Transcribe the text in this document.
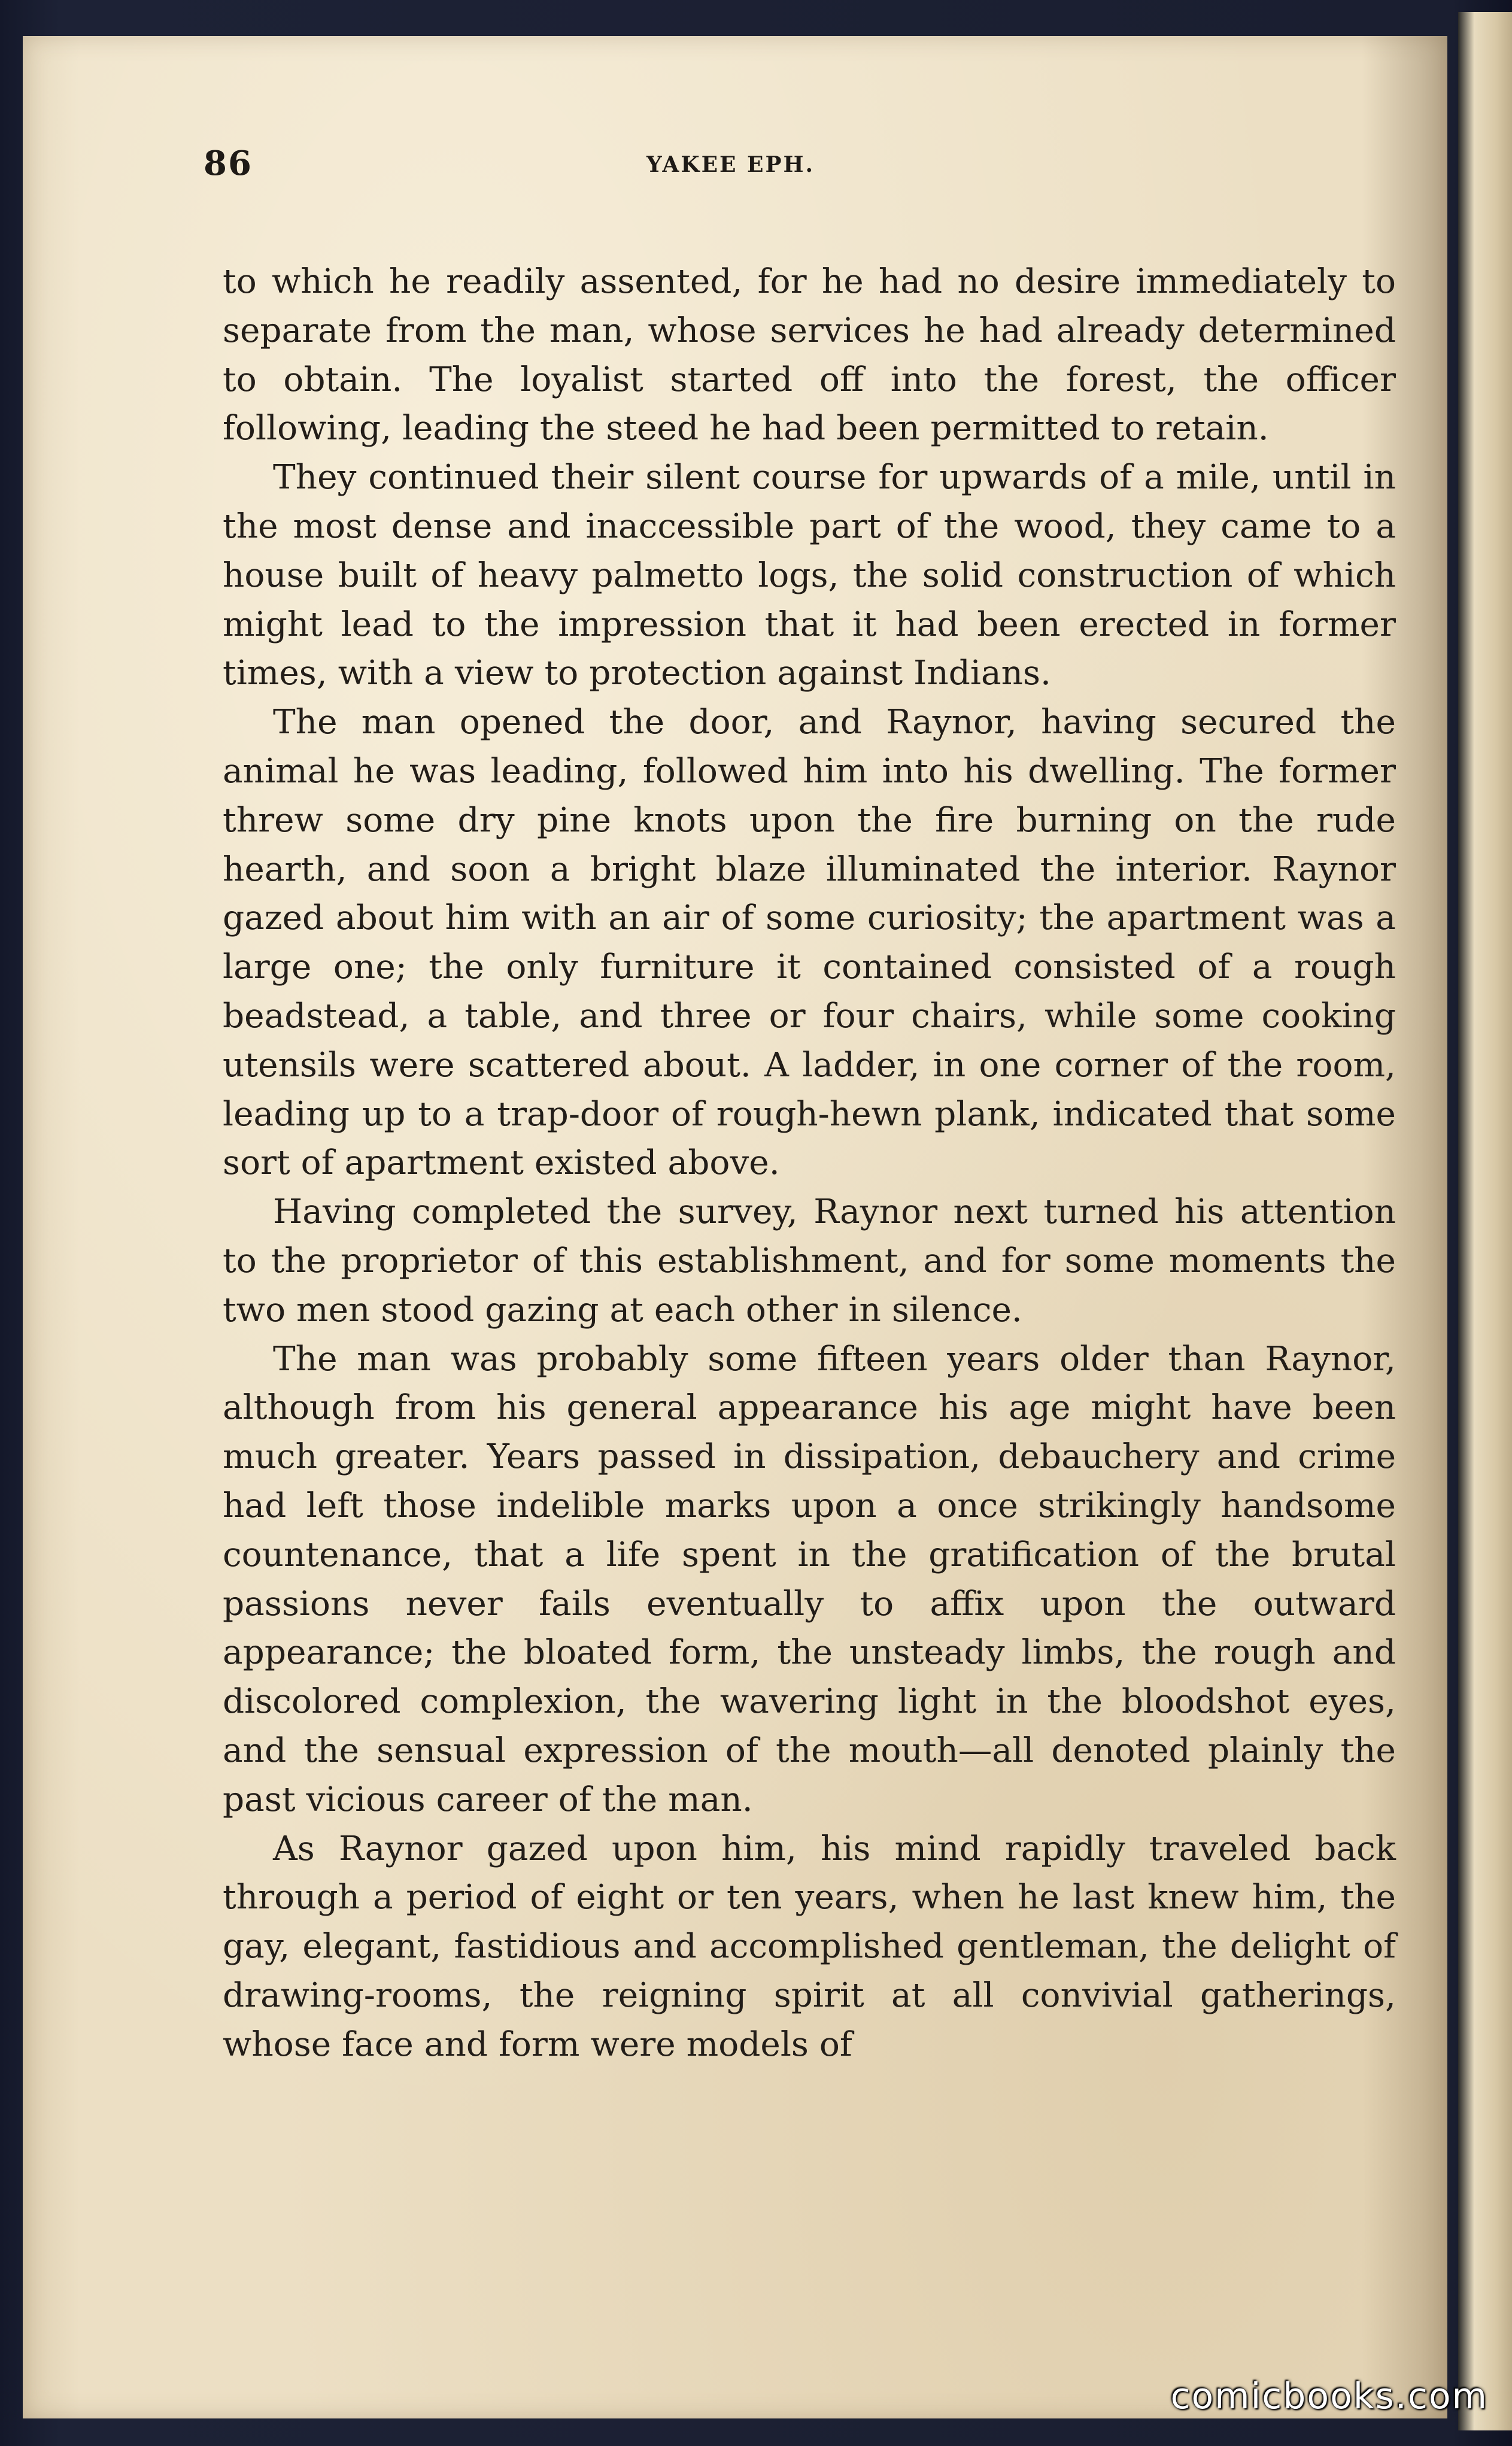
86	YAKEE EPH.

to which he readily assented, for he had no desire immediately to separate from the man, whose services he had already determined to obtain. The loyalist started off into the forest, the officer following, leading the steed he had been permitted to retain.

They continued their silent course for upwards of a mile, until in the most dense and inaccessible part of the wood, they came to a house built of heavy palmetto logs, the solid construction of which might lead to the impression that it had been erected in former times, with a view to protection against Indians.

The man opened the door, and Raynor, having secured the animal he was leading, followed him into his dwelling. The former threw some dry pine knots upon the fire burning on the rude hearth, and soon a bright blaze illuminated the interior. Raynor gazed about him with an air of some curiosity; the apartment was a large one; the only furniture it contained consisted of a rough beadstead, a table, and three or four chairs, while some cooking utensils were scattered about. A ladder, in one corner of the room, leading up to a trap-door of rough-hewn plank, indicated that some sort of apartment existed above.

Having completed the survey, Raynor next turned his attention to the proprietor of this establishment, and for some moments the two men stood gazing at each other in silence.

The man was probably some fifteen years older than Raynor, although from his general appearance his age might have been much greater. Years passed in dissipation, debauchery and crime had left those indelible marks upon a once strikingly handsome countenance, that a life spent in the gratification of the brutal passions never fails eventually to affix upon the outward appearance; the bloated form, the unsteady limbs, the rough and discolored complexion, the wavering light in the bloodshot eyes, and the sensual expression of the mouth—all denoted plainly the past vicious career of the man.

As Raynor gazed upon him, his mind rapidly traveled back through a period of eight or ten years, when he last knew him, the gay, elegant, fastidious and accomplished gentleman, the delight of drawing-rooms, the reigning spirit at all convivial gatherings, whose face and form were models of

comicbooks.com
